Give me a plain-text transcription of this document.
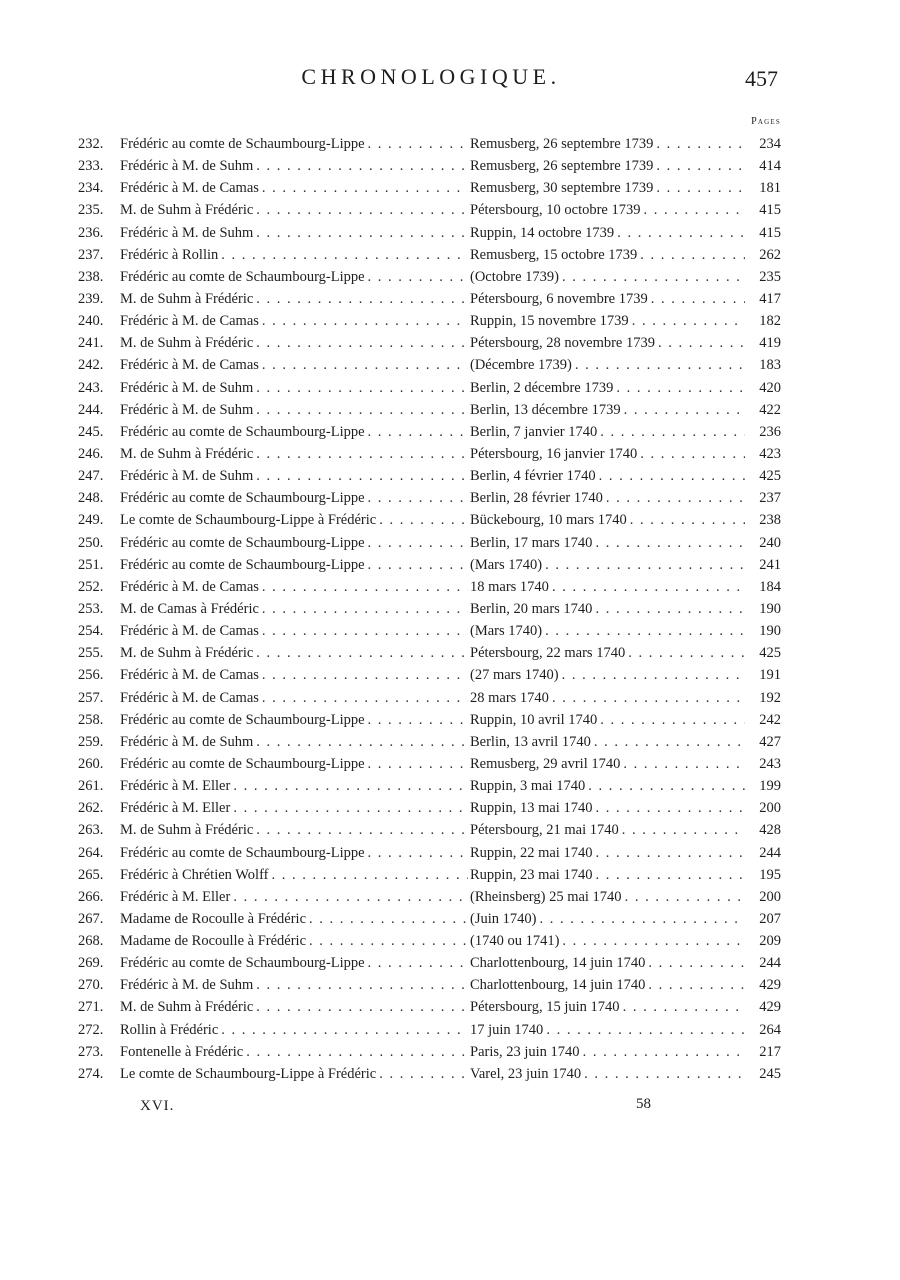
CHRONOLOGIQUE.	457
Pages
232.	Frédéric au comte de Schaumbourg-Lippe . . .	Remusberg, 26 septembre 1739 . . .	234
233.	Frédéric à M. de Suhm . . .	Remusberg, 26 septembre 1739 . . .	414
234.	Frédéric à M. de Camas . . .	Remusberg, 30 septembre 1739 . . .	181
235.	M. de Suhm à Frédéric . . .	Pétersbourg, 10 octobre 1739 . . .	415
236.	Frédéric à M. de Suhm . . .	Ruppin, 14 octobre 1739 . . .	415
237.	Frédéric à Rollin . . .	Remusberg, 15 octobre 1739 . . .	262
238.	Frédéric au comte de Schaumbourg-Lippe . . .	(Octobre 1739) . . .	235
239.	M. de Suhm à Frédéric . . .	Pétersbourg, 6 novembre 1739 . . .	417
240.	Frédéric à M. de Camas . . .	Ruppin, 15 novembre 1739 . . .	182
241.	M. de Suhm à Frédéric . . .	Pétersbourg, 28 novembre 1739 . . .	419
242.	Frédéric à M. de Camas . . .	(Décembre 1739) . . .	183
243.	Frédéric à M. de Suhm . . .	Berlin, 2 décembre 1739 . . .	420
244.	Frédéric à M. de Suhm . . .	Berlin, 13 décembre 1739 . . .	422
245.	Frédéric au comte de Schaumbourg-Lippe . . .	Berlin, 7 janvier 1740 . . .	236
246.	M. de Suhm à Frédéric . . .	Pétersbourg, 16 janvier 1740 . . .	423
247.	Frédéric à M. de Suhm . . .	Berlin, 4 février 1740 . . .	425
248.	Frédéric au comte de Schaumbourg-Lippe . . .	Berlin, 28 février 1740 . . .	237
249.	Le comte de Schaumbourg-Lippe à Frédéric . . .	Bückebourg, 10 mars 1740 . . .	238
250.	Frédéric au comte de Schaumbourg-Lippe . . .	Berlin, 17 mars 1740 . . .	240
251.	Frédéric au comte de Schaumbourg-Lippe . . .	(Mars 1740) . . .	241
252.	Frédéric à M. de Camas . . .	18 mars 1740 . . .	184
253.	M. de Camas à Frédéric . . .	Berlin, 20 mars 1740 . . .	190
254.	Frédéric à M. de Camas . . .	(Mars 1740) . . .	190
255.	M. de Suhm à Frédéric . . .	Pétersbourg, 22 mars 1740 . . .	425
256.	Frédéric à M. de Camas . . .	(27 mars 1740) . . .	191
257.	Frédéric à M. de Camas . . .	28 mars 1740 . . .	192
258.	Frédéric au comte de Schaumbourg-Lippe . . .	Ruppin, 10 avril 1740 . . .	242
259.	Frédéric à M. de Suhm . . .	Berlin, 13 avril 1740 . . .	427
260.	Frédéric au comte de Schaumbourg-Lippe . . .	Remusberg, 29 avril 1740 . . .	243
261.	Frédéric à M. Eller . . .	Ruppin, 3 mai 1740 . . .	199
262.	Frédéric à M. Eller . . .	Ruppin, 13 mai 1740 . . .	200
263.	M. de Suhm à Frédéric . . .	Pétersbourg, 21 mai 1740 . . .	428
264.	Frédéric au comte de Schaumbourg-Lippe . . .	Ruppin, 22 mai 1740 . . .	244
265.	Frédéric à Chrétien Wolff . . .	Ruppin, 23 mai 1740 . . .	195
266.	Frédéric à M. Eller . . .	(Rheinsberg) 25 mai 1740 . . .	200
267.	Madame de Rocoulle à Frédéric . . .	(Juin 1740) . . .	207
268.	Madame de Rocoulle à Frédéric . . .	(1740 ou 1741) . . .	209
269.	Frédéric au comte de Schaumbourg-Lippe . . .	Charlottenbourg, 14 juin 1740 . . .	244
270.	Frédéric à M. de Suhm . . .	Charlottenbourg, 14 juin 1740 . . .	429
271.	M. de Suhm à Frédéric . . .	Pétersbourg, 15 juin 1740 . . .	429
272.	Rollin à Frédéric . . .	17 juin 1740 . . .	264
273.	Fontenelle à Frédéric . . .	Paris, 23 juin 1740 . . .	217
274.	Le comte de Schaumbourg-Lippe à Frédéric . . .	Varel, 23 juin 1740 . . .	245
XVI.	58
